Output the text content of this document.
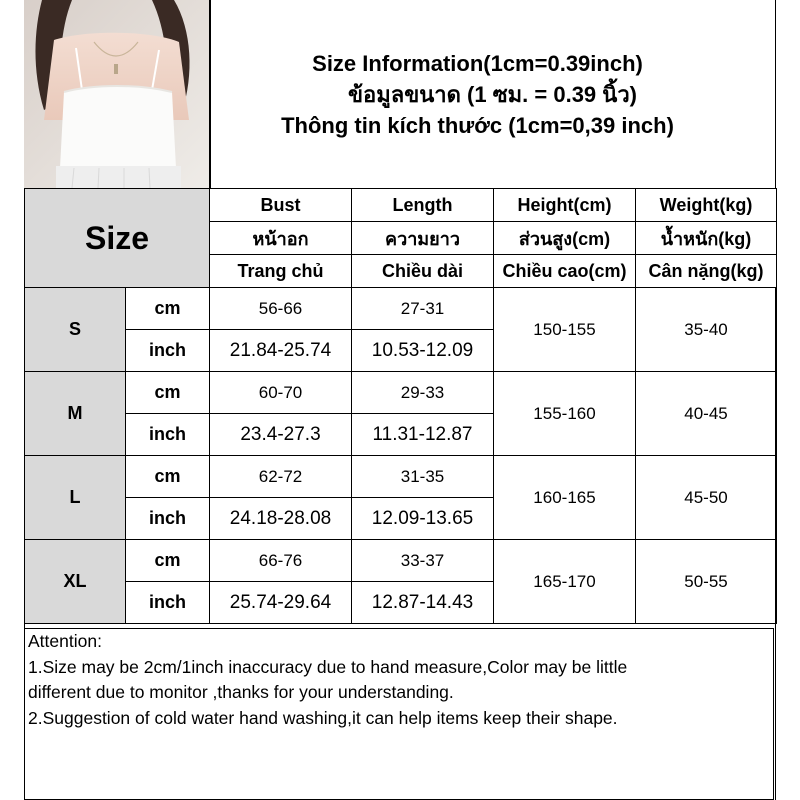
Size Information(1cm=0.39inch)
ข้อมูลขนาด (1 ซม. = 0.39 นิ้ว)
Thông tin kích thước (1cm=0,39 inch)
Size		Bust	Length	Height(cm)	Weight(kg)
		หน้าอก	ความยาว	ส่วนสูง(cm)	น้ำหนัก(kg)
		Trang chủ	Chiều dài	Chiều cao(cm)	Cân nặng(kg)
S	cm	56-66	27-31	150-155	35-40
	inch	21.84-25.74	10.53-12.09		
M	cm	60-70	29-33	155-160	40-45
	inch	23.4-27.3	11.31-12.87		
L	cm	62-72	31-35	160-165	45-50
	inch	24.18-28.08	12.09-13.65		
XL	cm	66-76	33-37	165-170	50-55
	inch	25.74-29.64	12.87-14.43		
Attention:
1.Size may be 2cm/1inch inaccuracy due to hand measure,Color may be little
different due to monitor ,thanks for your understanding.
2.Suggestion of cold water hand washing,it can help items keep their shape.
